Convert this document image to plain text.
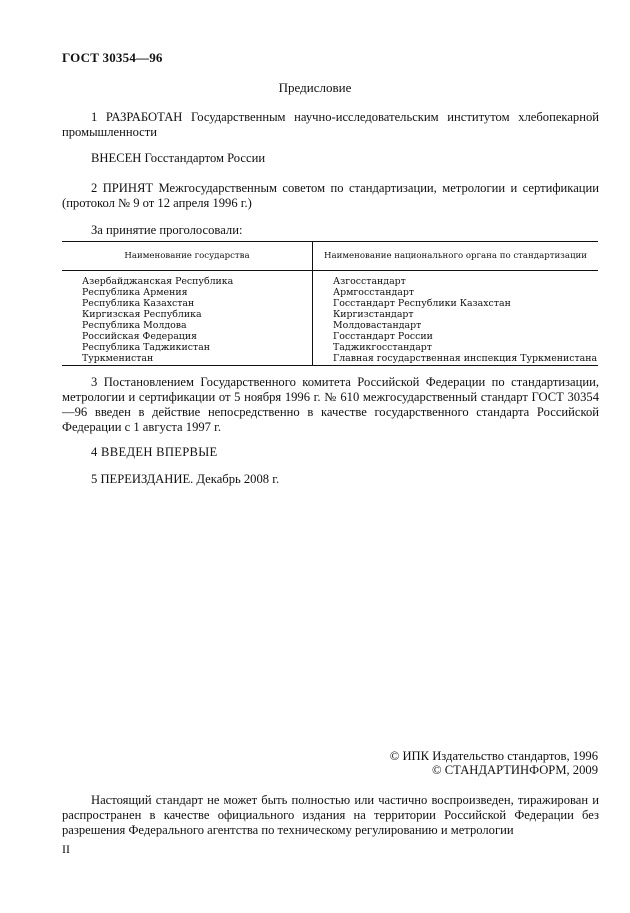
ГОСТ 30354—96
Предисловие
1 РАЗРАБОТАН Государственным научно-исследовательским институтом хлебопекарной промышленности
ВНЕСЕН Госстандартом России
2 ПРИНЯТ Межгосударственным советом по стандартизации, метрологии и сертификации (протокол № 9 от 12 апреля 1996 г.)
За принятие проголосовали:
Наименование государства	Наименование национального органа по стандартизации
Азербайджанская Республика	Азгосстандарт
Республика Армения	Армгосстандарт
Республика Казахстан	Госстандарт Республики Казахстан
Киргизская Республика	Киргизстандарт
Республика Молдова	Молдовастандарт
Российская Федерация	Госстандарт России
Республика Таджикистан	Таджикгосстандарт
Туркменистан	Главная государственная инспекция Туркменистана
3 Постановлением Государственного комитета Российской Федерации по стандартизации, метрологии и сертификации от 5 ноября 1996 г. № 610 межгосударственный стандарт ГОСТ 30354—96 введен в действие непосредственно в качестве государственного стандарта Российской Федерации с 1 августа 1997 г.
4 ВВЕДЕН ВПЕРВЫЕ
5 ПЕРЕИЗДАНИЕ. Декабрь 2008 г.
© ИПК Издательство стандартов, 1996
© СТАНДАРТИНФОРМ, 2009
Настоящий стандарт не может быть полностью или частично воспроизведен, тиражирован и распространен в качестве официального издания на территории Российской Федерации без разрешения Федерального агентства по техническому регулированию и метрологии
II
